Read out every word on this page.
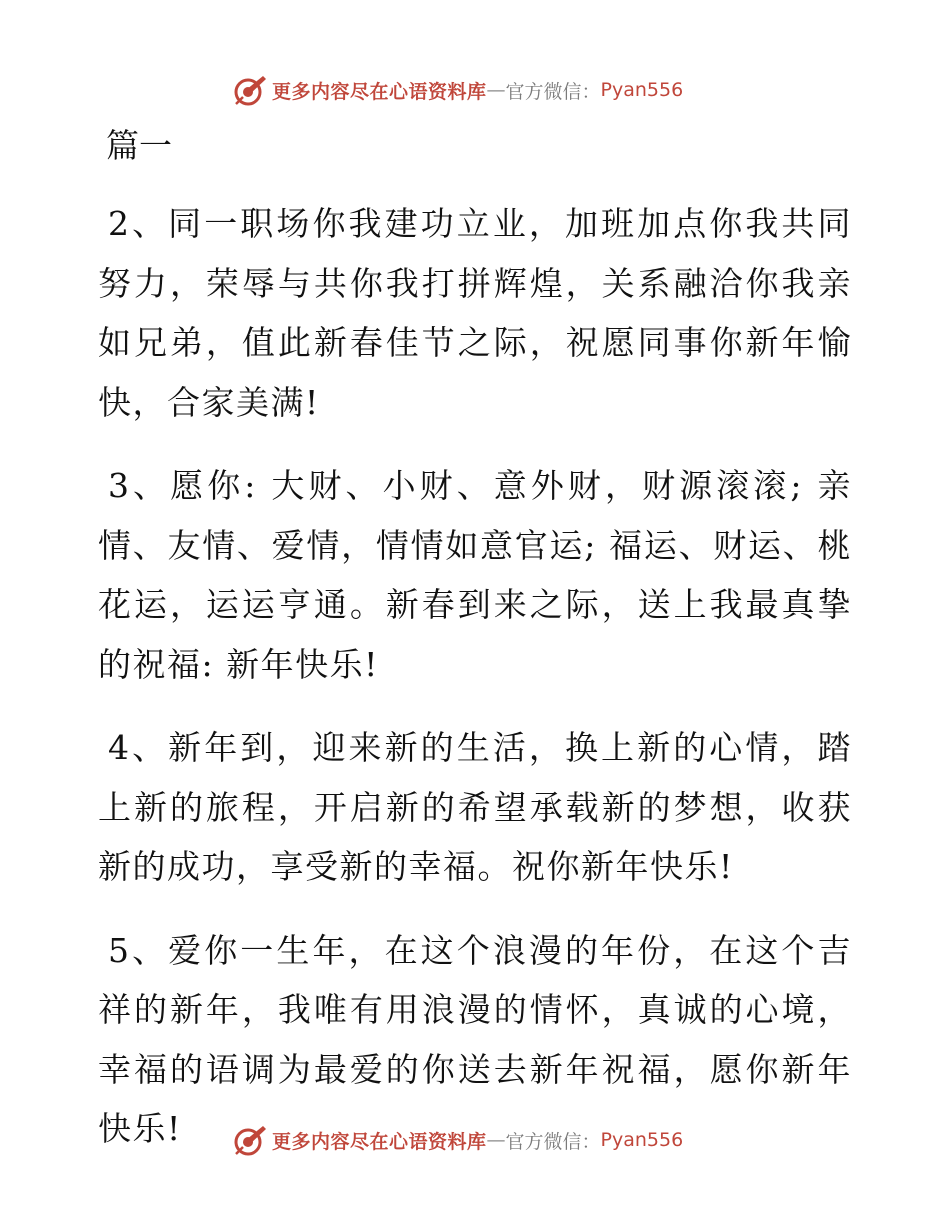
更多内容尽在心语资料库 — 官方微信： Pyan556
篇一

2、同一职场你我建功立业，加班加点你我共同努力，荣辱与共你我打拼辉煌，关系融洽你我亲如兄弟，值此新春佳节之际，祝愿同事你新年愉快，合家美满!

3、愿你: 大财、小财、意外财，财源滚滚; 亲情、友情、爱情，情情如意官运; 福运、财运、桃花运，运运亨通。新春到来之际，送上我最真挚的祝福: 新年快乐!

4、新年到，迎来新的生活，换上新的心情，踏上新的旅程，开启新的希望承载新的梦想，收获新的成功，享受新的幸福。祝你新年快乐!

5、爱你一生年，在这个浪漫的年份，在这个吉祥的新年，我唯有用浪漫的情怀，真诚的心境，幸福的语调为最爱的你送去新年祝福，愿你新年快乐!	更多内容尽在心语资料库 — 官方微信： Pyan556
